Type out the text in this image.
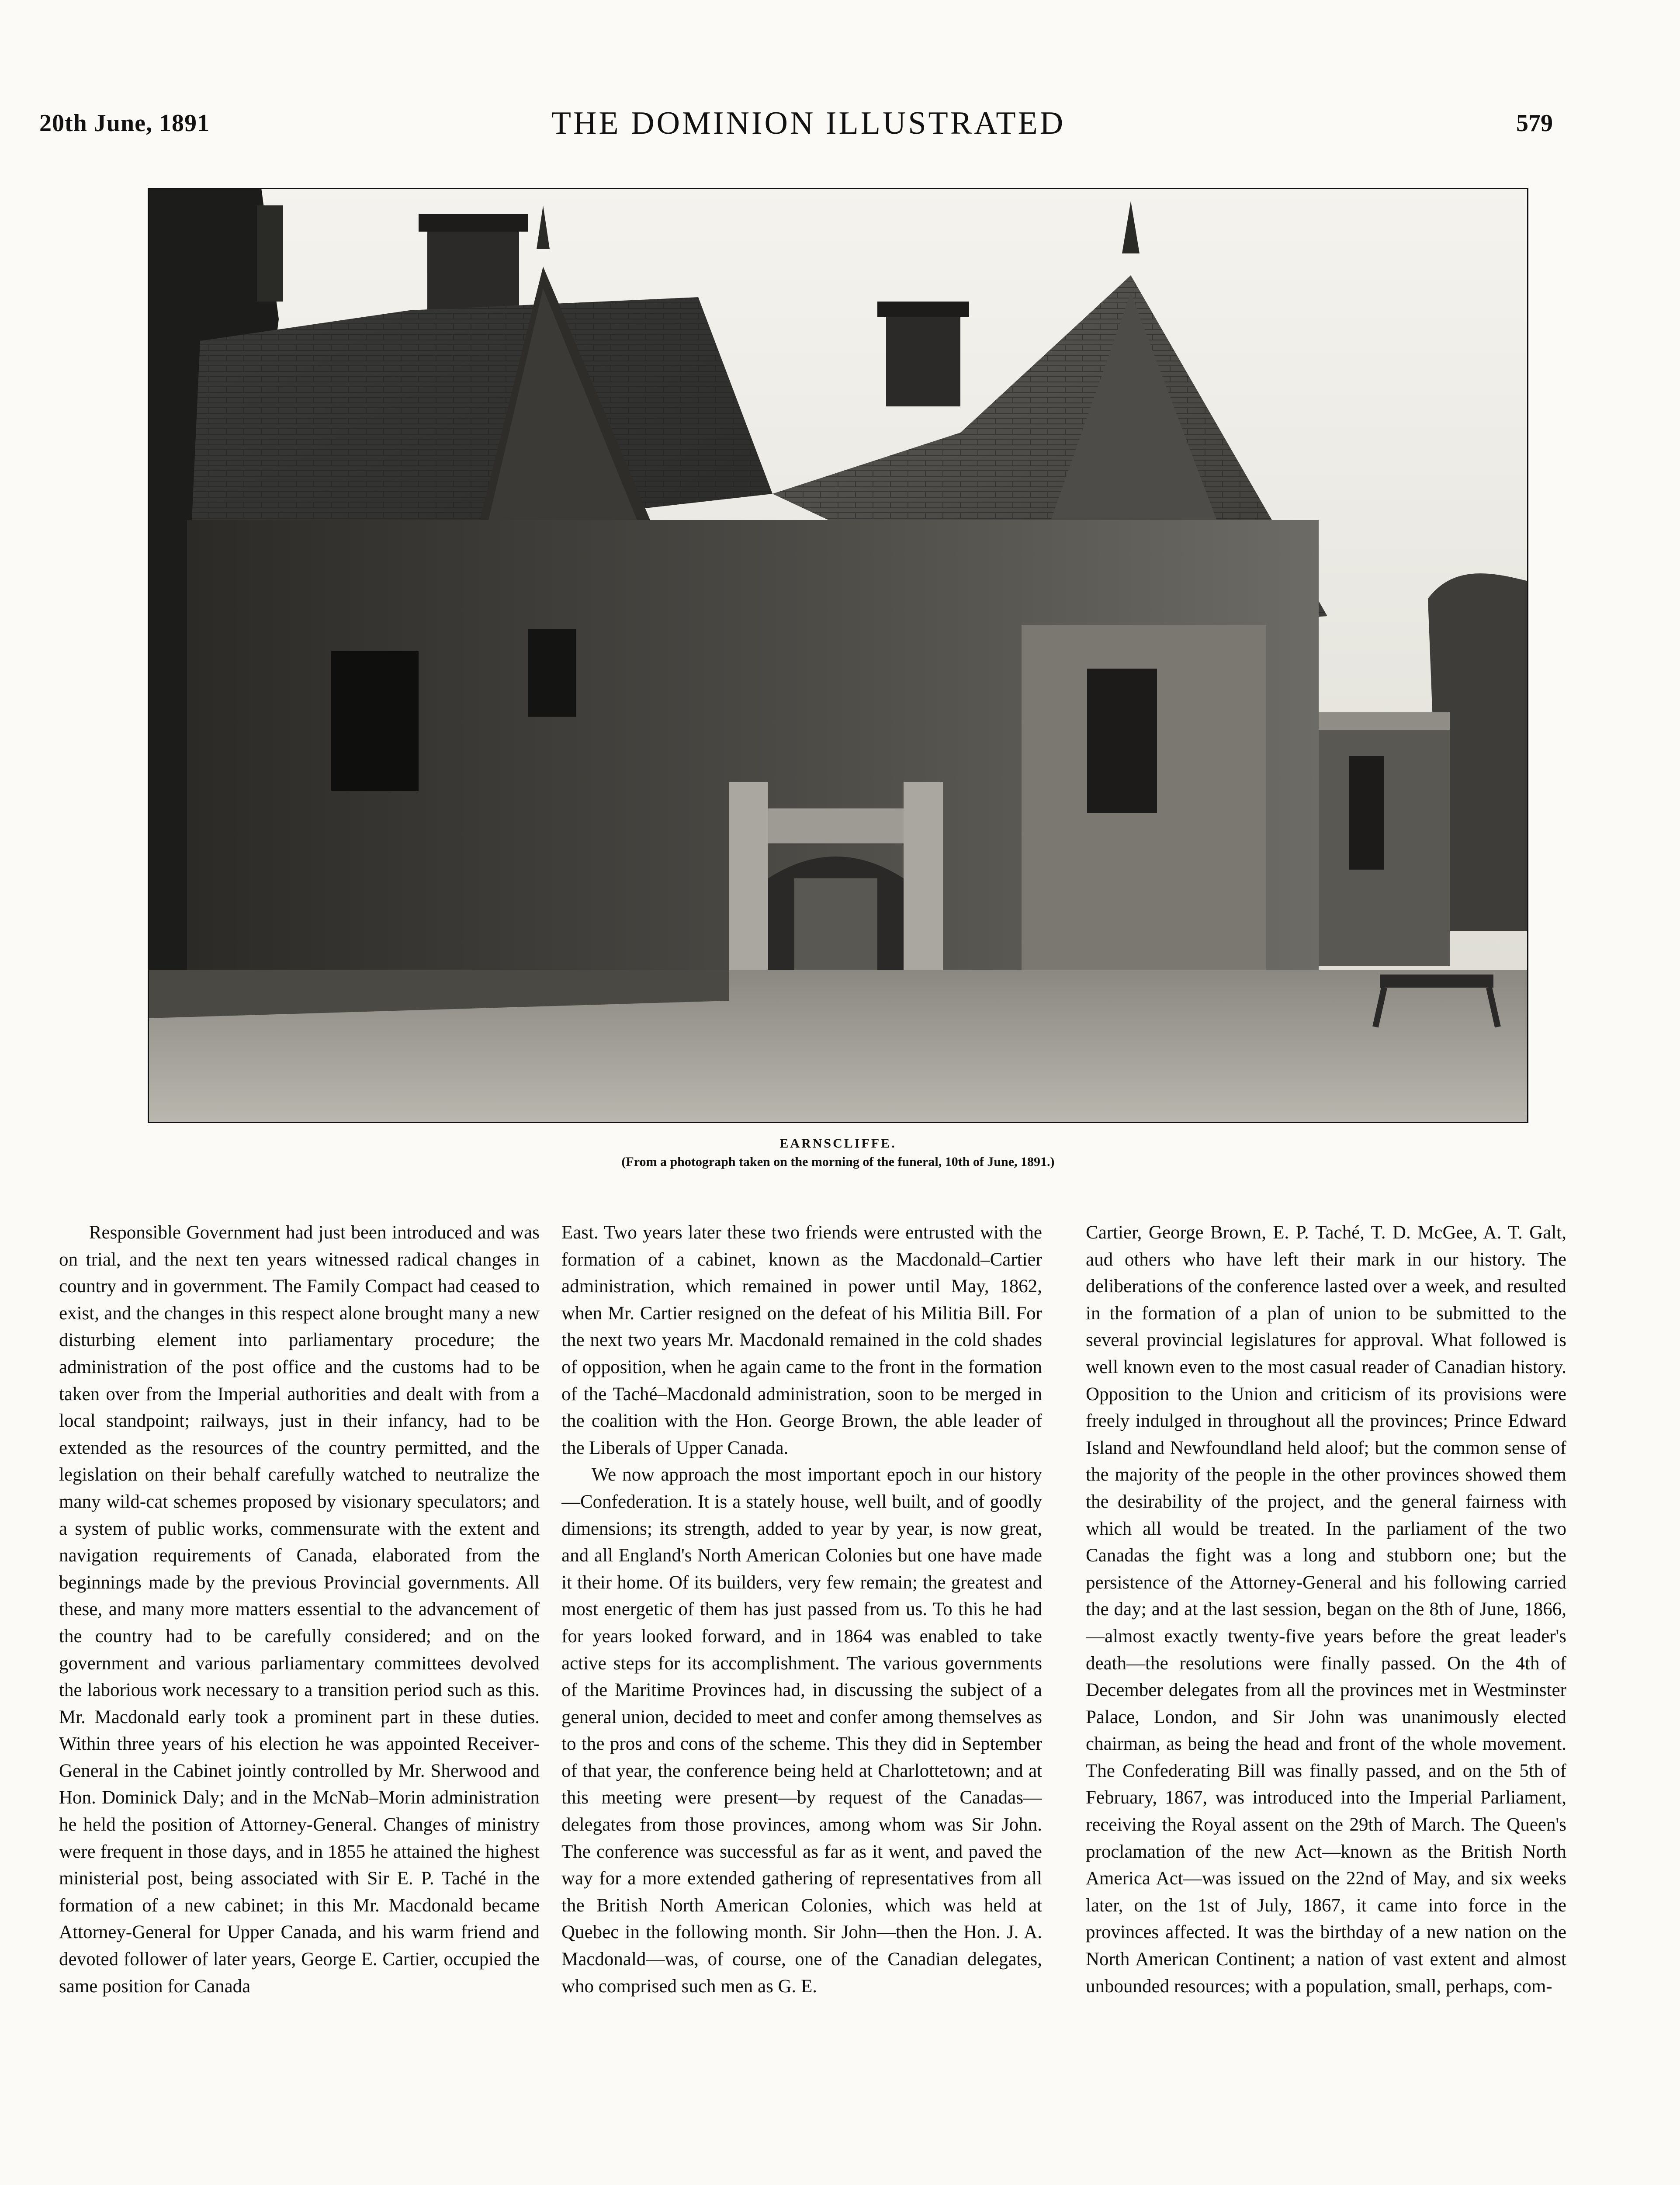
20th June, 1891	THE DOMINION ILLUSTRATED	579
EARNSCLIFFE.
(From a photograph taken on the morning of the funeral, 10th of June, 1891.)

Responsible Government had just been introduced and was on trial, and the next ten years witnessed radical changes in country and in government. The Family Compact had ceased to exist, and the changes in this respect alone brought many a new disturbing element into parliamentary procedure; the administration of the post office and the customs had to be taken over from the Imperial authorities and dealt with from a local standpoint; railways, just in their infancy, had to be extended as the resources of the country permitted, and the legislation on their behalf carefully watched to neutralize the many wild-cat schemes proposed by visionary speculators; and a system of public works, commensurate with the extent and navigation requirements of Canada, elaborated from the beginnings made by the previous Provincial governments. All these, and many more matters essential to the advancement of the country had to be carefully considered; and on the government and various parliamentary committees devolved the laborious work necessary to a transition period such as this. Mr. Macdonald early took a prominent part in these duties. Within three years of his election he was appointed Receiver-General in the Cabinet jointly controlled by Mr. Sherwood and Hon. Dominick Daly; and in the McNab–Morin administration he held the position of Attorney-General. Changes of ministry were frequent in those days, and in 1855 he attained the highest ministerial post, being associated with Sir E. P. Taché in the formation of a new cabinet; in this Mr. Macdonald became Attorney-General for Upper Canada, and his warm friend and devoted follower of later years, George E. Cartier, occupied the same position for Canada

East. Two years later these two friends were entrusted with the formation of a cabinet, known as the Macdonald–Cartier administration, which remained in power until May, 1862, when Mr. Cartier resigned on the defeat of his Militia Bill. For the next two years Mr. Macdonald remained in the cold shades of opposition, when he again came to the front in the formation of the Taché–Macdonald administration, soon to be merged in the coalition with the Hon. George Brown, the able leader of the Liberals of Upper Canada.

We now approach the most important epoch in our history—Confederation. It is a stately house, well built, and of goodly dimensions; its strength, added to year by year, is now great, and all England's North American Colonies but one have made it their home. Of its builders, very few remain; the greatest and most energetic of them has just passed from us. To this he had for years looked forward, and in 1864 was enabled to take active steps for its accomplishment. The various governments of the Maritime Provinces had, in discussing the subject of a general union, decided to meet and confer among themselves as to the pros and cons of the scheme. This they did in September of that year, the conference being held at Charlottetown; and at this meeting were present—by request of the Canadas—delegates from those provinces, among whom was Sir John. The conference was successful as far as it went, and paved the way for a more extended gathering of representatives from all the British North American Colonies, which was held at Quebec in the following month. Sir John—then the Hon. J. A. Macdonald—was, of course, one of the Canadian delegates, who comprised such men as G. E.

Cartier, George Brown, E. P. Taché, T. D. McGee, A. T. Galt, aud others who have left their mark in our history. The deliberations of the conference lasted over a week, and resulted in the formation of a plan of union to be submitted to the several provincial legislatures for approval. What followed is well known even to the most casual reader of Canadian history. Opposition to the Union and criticism of its provisions were freely indulged in throughout all the provinces; Prince Edward Island and Newfoundland held aloof; but the common sense of the majority of the people in the other provinces showed them the desirability of the project, and the general fairness with which all would be treated. In the parliament of the two Canadas the fight was a long and stubborn one; but the persistence of the Attorney-General and his following carried the day; and at the last session, began on the 8th of June, 1866,—almost exactly twenty-five years before the great leader's death—the resolutions were finally passed. On the 4th of December delegates from all the provinces met in Westminster Palace, London, and Sir John was unanimously elected chairman, as being the head and front of the whole movement. The Confederating Bill was finally passed, and on the 5th of February, 1867, was introduced into the Imperial Parliament, receiving the Royal assent on the 29th of March. The Queen's proclamation of the new Act—known as the British North America Act—was issued on the 22nd of May, and six weeks later, on the 1st of July, 1867, it came into force in the provinces affected. It was the birthday of a new nation on the North American Continent; a nation of vast extent and almost unbounded resources; with a population, small, perhaps, com-
